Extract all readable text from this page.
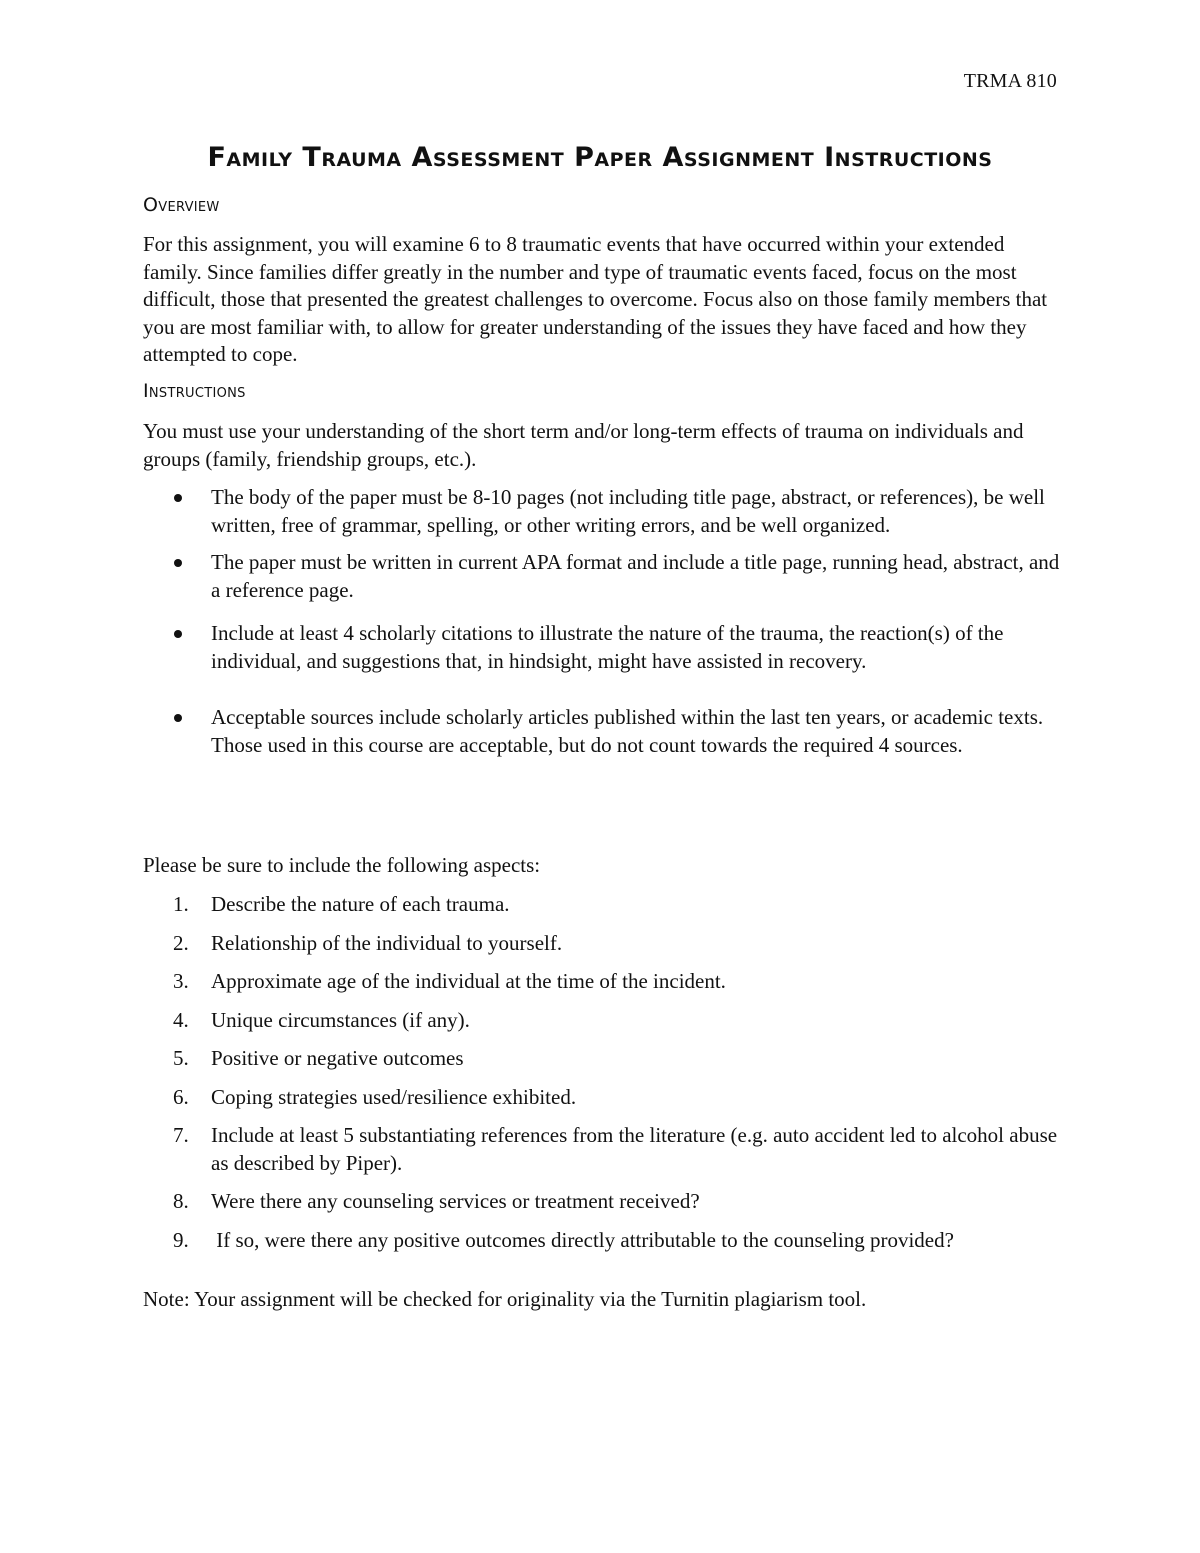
TRMA 810
Family Trauma Assessment Paper Assignment Instructions
Overview

For this assignment, you will examine 6 to 8 traumatic events that have occurred within your extended family. Since families differ greatly in the number and type of traumatic events faced, focus on the most difficult, those that presented the greatest challenges to overcome. Focus also on those family members that you are most familiar with, to allow for greater understanding of the issues they have faced and how they attempted to cope.

Instructions

You must use your understanding of the short term and/or long-term effects of trauma on individuals and groups (family, friendship groups, etc.).

The body of the paper must be 8-10 pages (not including title page, abstract, or references), be well written, free of grammar, spelling, or other writing errors, and be well organized.
The paper must be written in current APA format and include a title page, running head, abstract, and a reference page.
Include at least 4 scholarly citations to illustrate the nature of the trauma, the reaction(s) of the individual, and suggestions that, in hindsight, might have assisted in recovery.
Acceptable sources include scholarly articles published within the last ten years, or academic texts. Those used in this course are acceptable, but do not count towards the required 4 sources.

Please be sure to include the following aspects:

1. Describe the nature of each trauma.
2. Relationship of the individual to yourself.
3. Approximate age of the individual at the time of the incident.
4. Unique circumstances (if any).
5. Positive or negative outcomes
6. Coping strategies used/resilience exhibited.
7. Include at least 5 substantiating references from the literature (e.g. auto accident led to alcohol abuse as described by Piper).
8. Were there any counseling services or treatment received?
9. If so, were there any positive outcomes directly attributable to the counseling provided?

Note: Your assignment will be checked for originality via the Turnitin plagiarism tool.
